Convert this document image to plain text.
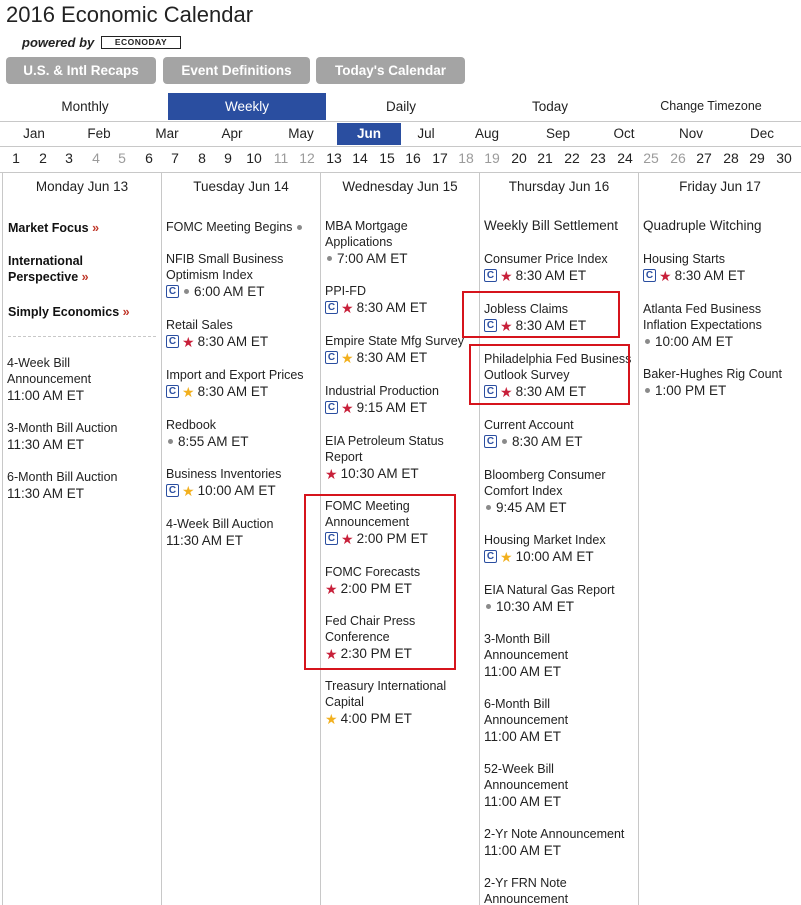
2016 Economic Calendar
powered by	ECONODAY
U.S. & Intl Recaps	Event Definitions	Today's Calendar
Monthly	Weekly	Daily	Today	Change Timezone
Jan	Feb	Mar	Apr	May	Jun	Jul	Aug	Sep	Oct	Nov	Dec
1	2	3	4	5	6	7	8	9	10 11 12 13 14 15 16 17 18 19 20 21 22 23 24 25 26 27 28 29 30
Monday Jun 13
Market Focus »
International
Perspective »
Simply Economics »
4-Week Bill
Announcement
11:00 AM ET
3-Month Bill Auction
11:30 AM ET
6-Month Bill Auction
11:30 AM ET
Tuesday Jun 14
FOMC Meeting Begins
NFIB Small Business
Optimism Index
C 6:00 AM ET
Retail Sales
C ★ 8:30 AM ET
Import and Export Prices
C ★ 8:30 AM ET
Redbook
8:55 AM ET
Business Inventories
C ★ 10:00 AM ET
4-Week Bill Auction
11:30 AM ET
Wednesday Jun 15
MBA Mortgage
Applications
7:00 AM ET
PPI-FD
C ★ 8:30 AM ET
Empire State Mfg Survey
C ★ 8:30 AM ET
Industrial Production
C ★ 9:15 AM ET
EIA Petroleum Status
Report
★ 10:30 AM ET
FOMC Meeting
Announcement
C ★ 2:00 PM ET
FOMC Forecasts
★ 2:00 PM ET
Fed Chair Press
Conference
★ 2:30 PM ET
Treasury International
Capital
★ 4:00 PM ET
Thursday Jun 16
Weekly Bill Settlement
Consumer Price Index
C ★ 8:30 AM ET
Jobless Claims
C ★ 8:30 AM ET
Philadelphia Fed Business
Outlook Survey
C ★ 8:30 AM ET
Current Account
C 8:30 AM ET
Bloomberg Consumer
Comfort Index
9:45 AM ET
Housing Market Index
C ★ 10:00 AM ET
EIA Natural Gas Report
10:30 AM ET
3-Month Bill
Announcement
11:00 AM ET
6-Month Bill
Announcement
11:00 AM ET
52-Week Bill
Announcement
11:00 AM ET
2-Yr Note Announcement
11:00 AM ET
2-Yr FRN Note
Announcement
Friday Jun 17
Quadruple Witching
Housing Starts
C ★ 8:30 AM ET
Atlanta Fed Business
Inflation Expectations
10:00 AM ET
Baker-Hughes Rig Count
1:00 PM ET
